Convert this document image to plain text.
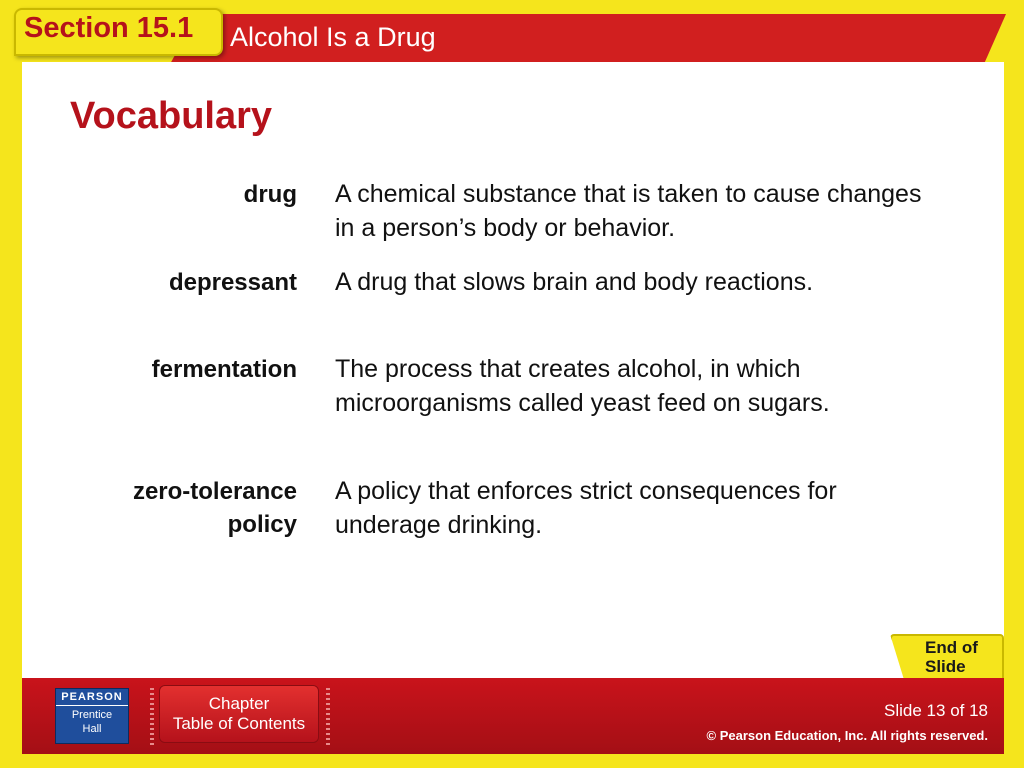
Alcohol Is a Drug
Section 15.1
Vocabulary
drug A chemical substance that is taken to cause changes in a person’s body or behavior.
depressant A drug that slows brain and body reactions.
fermentation The process that creates alcohol, in which microorganisms called yeast feed on sugars.
zero-tolerance policy
A policy that enforces strict consequences for underage drinking.
End of Slide
PEARSON
Prentice
Hall
Chapter
Table of Contents
Slide 13 of 18
© Pearson Education, Inc. All rights reserved.
